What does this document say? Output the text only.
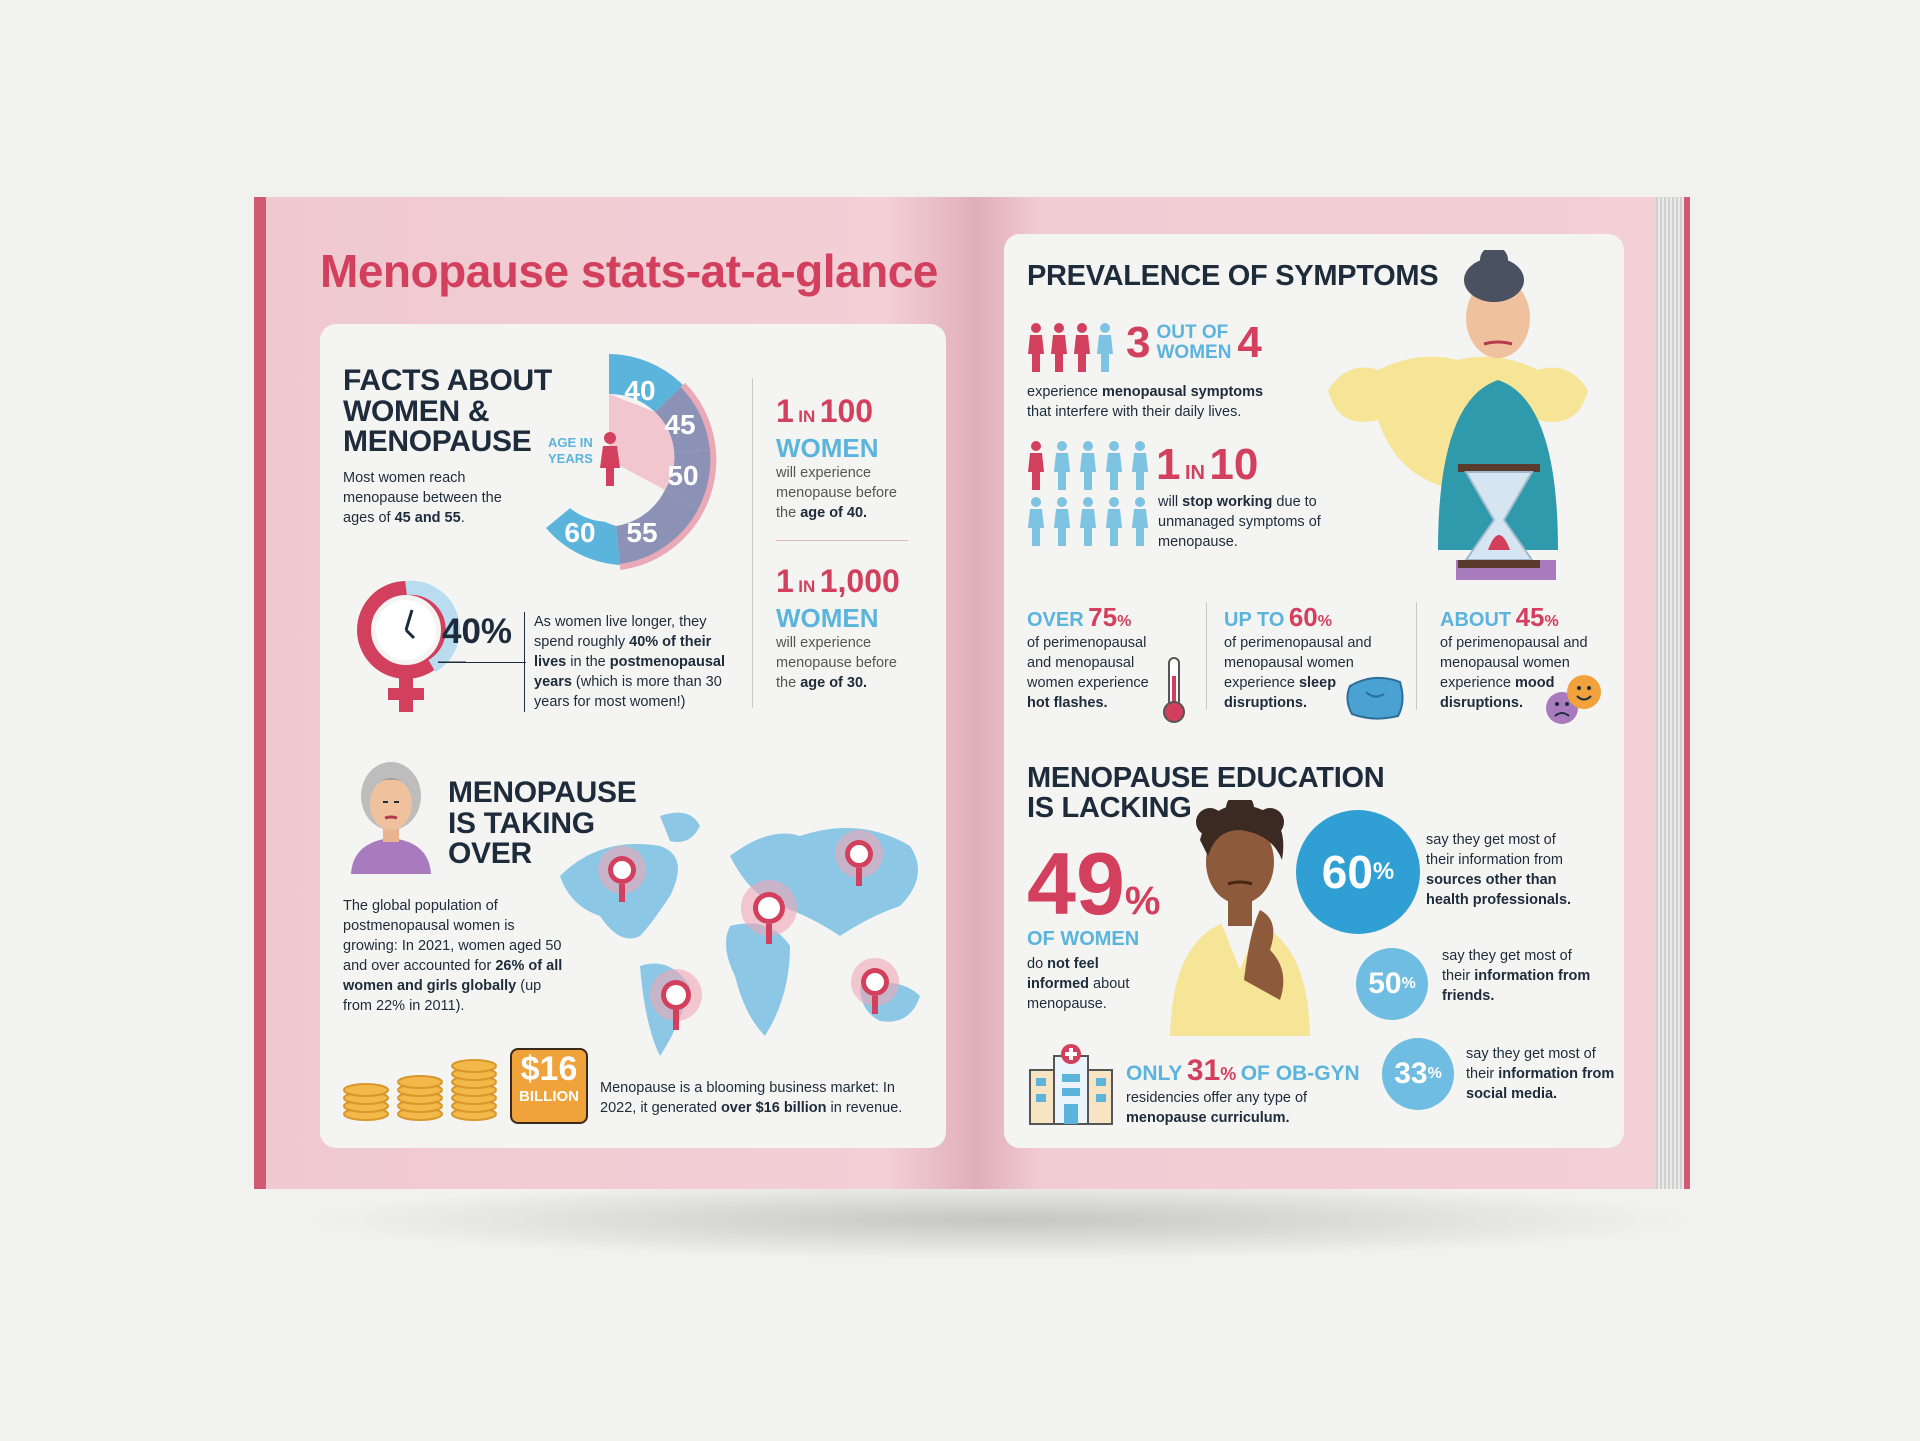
Menopause stats-at-a-glance
FACTS ABOUT
WOMEN &
MENOPAUSE
Most women reach menopause between the ages of 45 and 55.
40
45
50
55
60
AGE IN
YEARS
1 IN 100
WOMEN
will experience menopause before the age of 40.
1 IN 1,000
WOMEN
will experience menopause before the age of 30.
40% As women live longer, they spend roughly 40% of their lives in the postmenopausal years (which is more than 30 years for most women!)
MENOPAUSE
IS TAKING
OVER
The global population of postmenopausal women is growing: In 2021, women aged 50 and over accounted for 26% of all women and girls globally (up from 22% in 2011).
$16
BILLION	Menopause is a blooming business market: In 2022, it generated over $16 billion in revenue.
PREVALENCE OF SYMPTOMS
3 OUT OF
WOMEN 4
experience menopausal symptoms that interfere with their daily lives.
1 IN 10
will stop working due to unmanaged symptoms of menopause.
OVER 75%
of perimenopausal and menopausal women experience hot flashes.
UP TO 60%
of perimenopausal and menopausal women experience sleep disruptions.
ABOUT 45%
of perimenopausal and menopausal women experience mood disruptions.
MENOPAUSE EDUCATION
IS LACKING
49%
OF WOMEN
do not feel informed about menopause.
60 %
say they get most of their information from sources other than health professionals.
50 %
say they get most of their information from friends.
33 %
say they get most of their information from social media.
ONLY 31% OF OB-GYN
residencies offer any type of menopause curriculum.
